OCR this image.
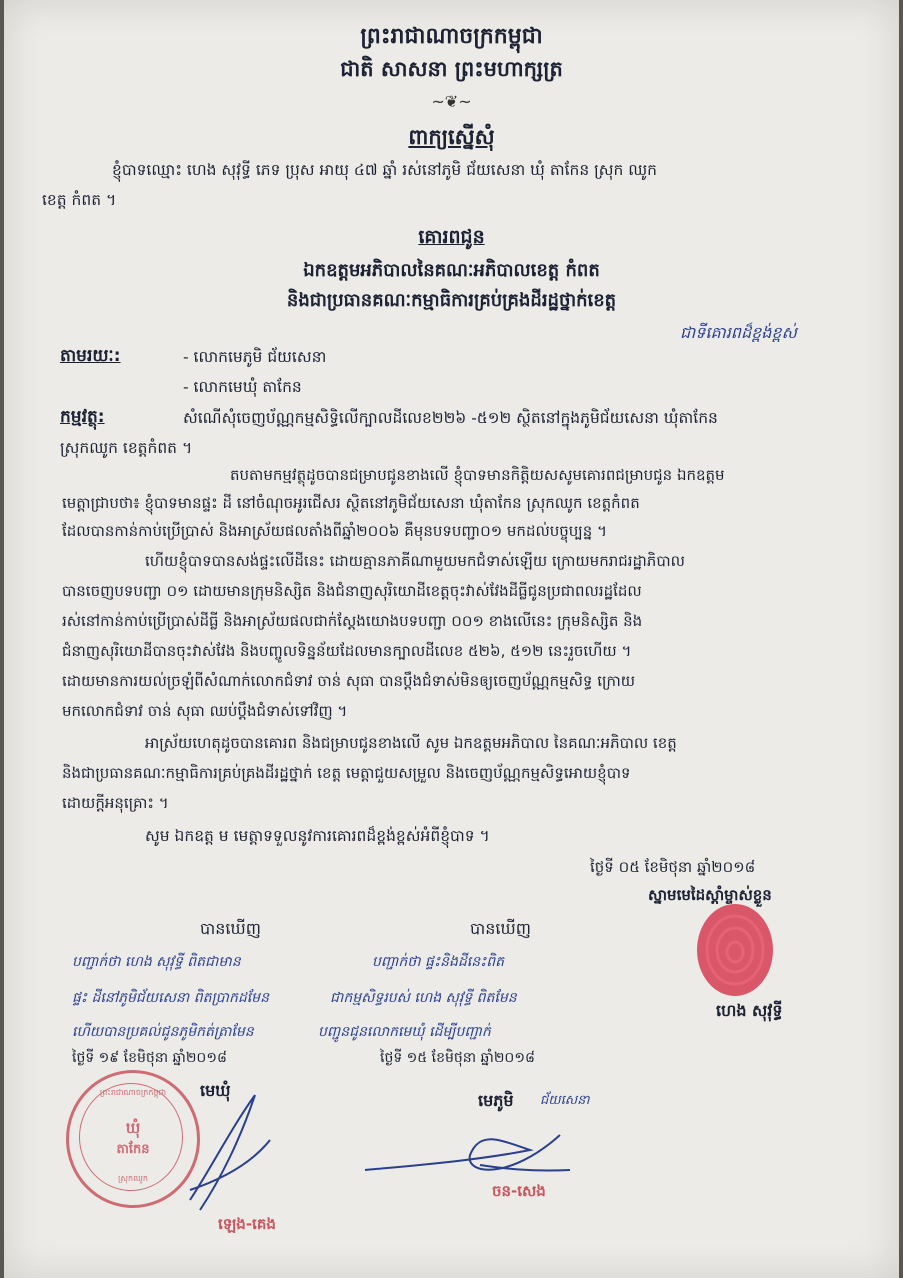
ព្រះរាជាណាចក្រកម្ពុជា
ជាតិ សាសនា ព្រះមហាក្សត្រ
~❦~
ពាក្យស្នើសុំ
ខ្ញុំបាទឈ្មោះ ហេង សុវុទ្ធី ភេទ ប្រុស អាយុ ៤៧ ឆ្នាំ រស់នៅភូមិ ជ័យសេនា ឃុំ តាកែន ស្រុក ឈូក
ខេត្ត កំពត ។
គោរពជូន
ឯកឧត្តមអភិបាលនៃគណៈអភិបាលខេត្ត កំពត
និងជាប្រធានគណៈកម្មាធិការគ្រប់គ្រងដីរដ្ឋថ្នាក់ខេត្ត
ជាទីគោរពដ៏ខ្ពង់ខ្ពស់
តាមរយៈ:	- លោកមេភូមិ ជ័យសេនា
- លោកមេឃុំ តាកែន
កម្មវត្ថុ:	សំណើសុំចេញប័ណ្ណកម្មសិទ្ធិលើក្បាលដីលេខ២២៦ -៥១២ ស្ថិតនៅក្នុងភូមិជ័យសេនា ឃុំតាកែន
ស្រុកឈូក ខេត្តកំពត ។
តបតាមកម្មវត្ថុដូចបានជម្រាបជូនខាងលើ ខ្ញុំបាទមានកិត្តិយសសូមគោរពជម្រាបជូន ឯកឧត្តម
មេត្តាជ្រាបថា៖ ខ្ញុំបាទមានផ្ទះ ដី នៅចំណុចអូរជើសរ ស្ថិតនៅភូមិជ័យសេនា ឃុំតាកែន ស្រុកឈូក ខេត្តកំពត
ដែលបានកាន់កាប់ប្រើប្រាស់ និងអាស្រ័យផលតាំងពីឆ្នាំ២០០៦ គឺមុនបទបញ្ជា០១ មកដល់បច្ចុប្បន្ន ។
ហើយខ្ញុំបាទបានសង់ផ្ទះលើដីនេះ ដោយគ្មានភាគីណាមួយមកជំទាស់ឡើយ ក្រោយមករាជរដ្ឋាភិបាល
បានចេញបទបញ្ជា ០១ ដោយមានក្រុមនិស្សិត និងជំនាញសុរិយោដីខេត្តចុះវាស់វែងដីធ្លីជូនប្រជាពលរដ្ឋដែល
រស់នៅកាន់កាប់ប្រើប្រាស់ដីធ្លី និងអាស្រ័យផលជាក់ស្តែងយោងបទបញ្ជា ០០១ ខាងលើនេះ ក្រុមនិស្សិត និង
ជំនាញសុរិយោដីបានចុះវាស់វែង និងបញ្ចូលទិន្នន័យដែលមានក្បាលដីលេខ ៥២៦, ៥១២ នេះរួចហើយ ។
ដោយមានការយល់ច្រឡំពីសំណាក់លោកជំទាវ ចាន់ សុធា បានប្ដឹងជំទាស់មិនឲ្យចេញប័ណ្ណកម្មសិទ្ធ ក្រោយ
មកលោកជំទាវ ចាន់ សុធា ឈប់ប្ដឹងជំទាស់ទៅវិញ ។
អាស្រ័យហេតុដូចបានគោរព និងជម្រាបជូនខាងលើ សូម ឯកឧត្តមអភិបាល នៃគណៈអភិបាល ខេត្ត
និងជាប្រធានគណៈកម្មាធិការគ្រប់គ្រងដីរដ្ឋថ្នាក់ ខេត្ត មេត្តាជួយសម្រួល និងចេញប័ណ្ណកម្មសិទ្ធអោយខ្ញុំបាទ
ដោយក្តីអនុគ្រោះ ។
សូម ឯកឧត្ត ម មេត្តាទទួលនូវការគោរពដ៏ខ្ពង់ខ្ពស់អំពីខ្ញុំបាទ ។
ថ្ងៃទី ០៥ ខែមិថុនា ឆ្នាំ២០១៨
ស្នាមមេដៃស្ដាំម្ចាស់ខ្លួន
ហេង សុវុទ្ធី
បានឃើញ
បញ្ជាក់ថា ហេង សុវុទ្ធី ពិតជាមាន
ផ្ទះ ដីនៅភូមិជ័យសេនា ពិតប្រាកដមែន
ហើយបានប្រគល់ជូនភូមិកត់ត្រាមែន
ថ្ងៃទី ១៩ ខែមិថុនា ឆ្នាំ២០១៨
មេឃុំ
ព្រះរាជាណាចក្រកម្ពុជា
ឃុំ
តាកែន
ស្រុកឈូក
ឡេង-គេង
បានឃើញ
បញ្ជាក់ថា ផ្ទះនិងដីនេះពិត
ជាកម្មសិទ្ធរបស់ ហេង សុវុទ្ធី ពិតមែន
បញ្ជូនជូនលោកមេឃុំ ដើម្បីបញ្ជាក់
ថ្ងៃទី ១៥ ខែមិថុនា ឆ្នាំ២០១៨
មេភូមិ ជ័យសេនា
ចន-សេង
